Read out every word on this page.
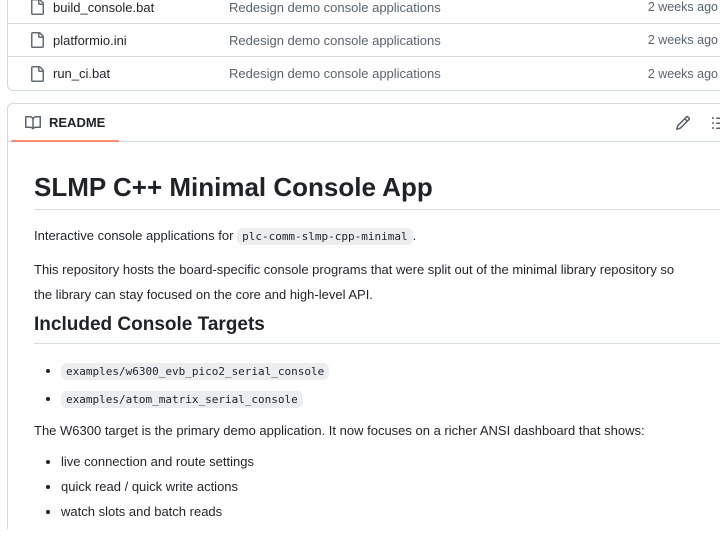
build_console.bat	Redesign demo console applications	2 weeks ago
platformio.ini	Redesign demo console applications	2 weeks ago
run_ci.bat	Redesign demo console applications	2 weeks ago
README
SLMP C++ Minimal Console App

Interactive console applications for plc-comm-slmp-cpp-minimal .

This repository hosts the board-specific console programs that were split out of the minimal library repository so the library can stay focused on the core and high-level API.

Included Console Targets
• examples/w6300_evb_pico2_serial_console
• examples/atom_matrix_serial_console

The W6300 target is the primary demo application. It now focuses on a richer ANSI dashboard that shows:

• live connection and route settings
• quick read / quick write actions
• watch slots and batch reads
•
